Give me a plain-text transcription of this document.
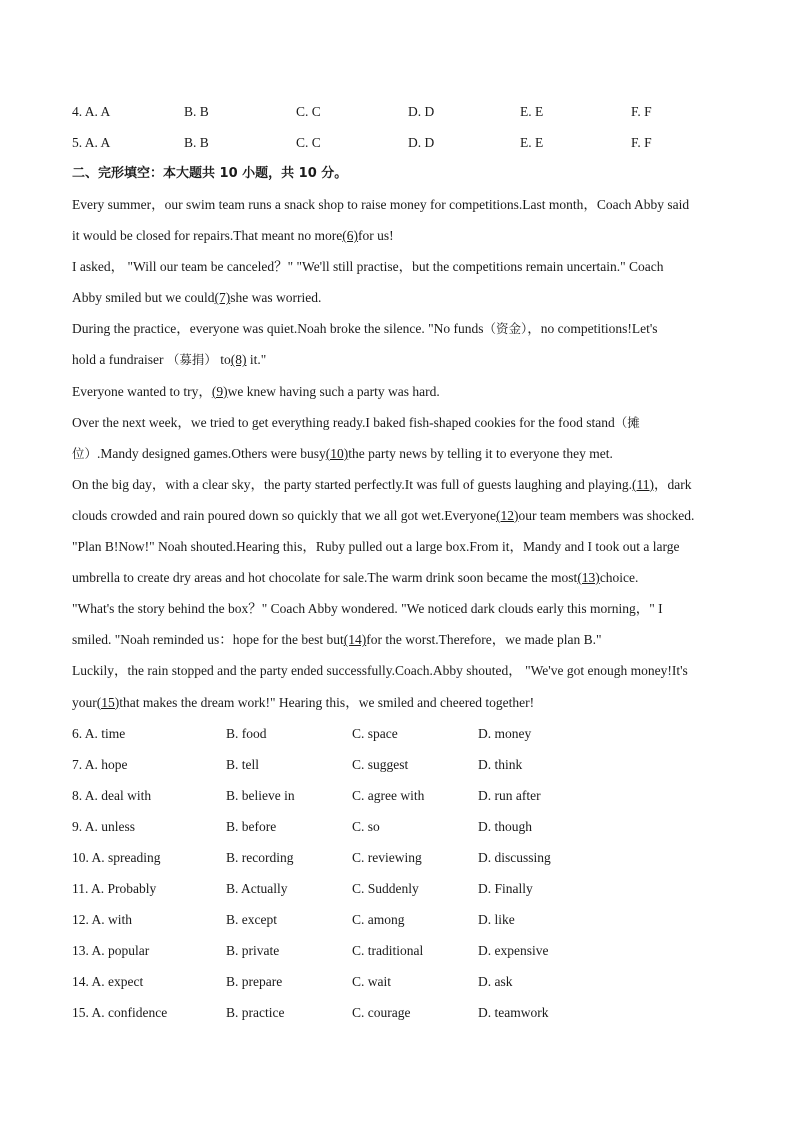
4. A. A	B. B	C. C	D. D	E. E	F. F
5. A. A	B. B	C. C	D. D	E. E	F. F
二、完形填空：本大题共 10 小题，共 10 分。

Every summer，our swim team runs a snack shop to raise money for competitions.Last month，Coach Abby said

it would be closed for repairs.That meant no more(6)for us!

I asked， "Will our team be canceled？" "We'll still practise，but the competitions remain uncertain." Coach

Abby smiled but we could(7)she was worried.

During the practice，everyone was quiet.Noah broke the silence. "No funds（资金），no competitions!Let's

hold a fundraiser （募捐） to(8) it."

Everyone wanted to try，(9)we knew having such a party was hard.

Over the next week，we tried to get everything ready.I baked fish-shaped cookies for the food stand（摊

位）.Mandy designed games.Others were busy(10)the party news by telling it to everyone they met.

On the big day，with a clear sky，the party started perfectly.It was full of guests laughing and playing.(11)，dark

clouds crowded and rain poured down so quickly that we all got wet.Everyone(12)our team members was shocked.

"Plan B!Now!" Noah shouted.Hearing this，Ruby pulled out a large box.From it，Mandy and I took out a large

umbrella to create dry areas and hot chocolate for sale.The warm drink soon became the most(13)choice.

"What's the story behind the box？" Coach Abby wondered. "We noticed dark clouds early this morning，" I

smiled. "Noah reminded us：hope for the best but(14)for the worst.Therefore，we made plan B."

Luckily，the rain stopped and the party ended successfully.Coach.Abby shouted， "We've got enough money!It's

your(15)that makes the dream work!" Hearing this，we smiled and cheered together!

6. A. time	B. food	C. space	D. money
7. A. hope	B. tell	C. suggest	D. think
8. A. deal with	B. believe in	C. agree with	D. run after
9. A. unless	B. before	C. so	D. though
10. A. spreading	B. recording	C. reviewing	D. discussing
11. A. Probably	B. Actually	C. Suddenly	D. Finally
12. A. with	B. except	C. among	D. like
13. A. popular	B. private	C. traditional	D. expensive
14. A. expect	B. prepare	C. wait	D. ask
15. A. confidence	B. practice	C. courage	D. teamwork
